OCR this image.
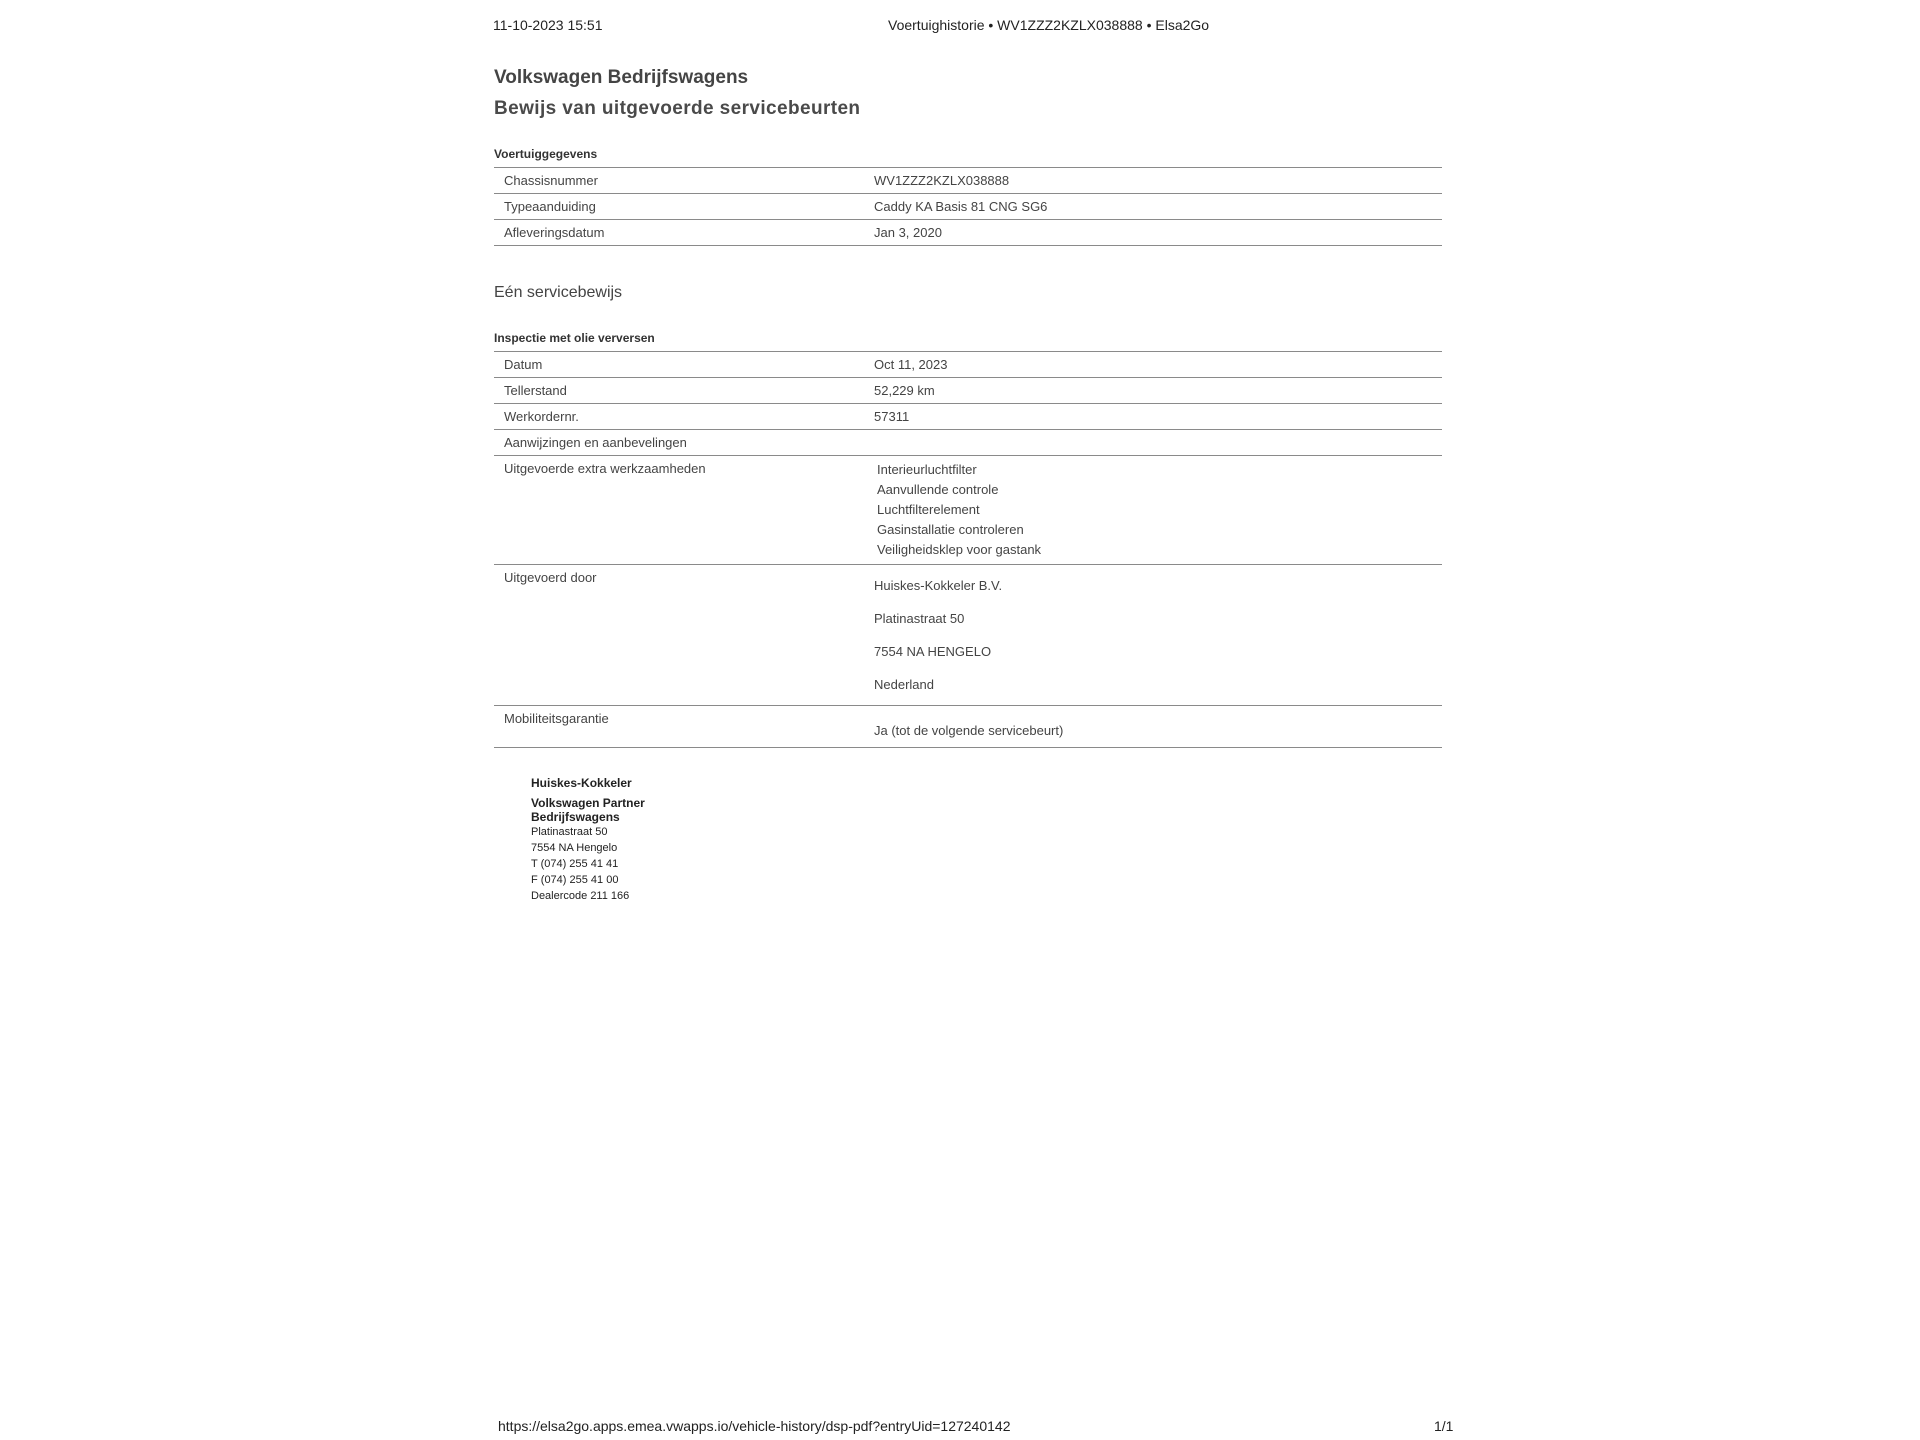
11-10-2023 15:51	Voertuighistorie • WV1ZZZ2KZLX038888 • Elsa2Go
Volkswagen Bedrijfswagens
Bewijs van uitgevoerde servicebeurten
Voertuiggegevens
Chassisnummer	WV1ZZZ2KZLX038888
Typeaanduiding	Caddy KA Basis 81 CNG SG6
Afleveringsdatum	Jan 3, 2020
Eén servicebewijs
Inspectie met olie verversen
Datum	Oct 11, 2023
Tellerstand	52,229 km
Werkordernr.	57311
Aanwijzingen en aanbevelingen	
Uitgevoerde extra werkzaamheden	Interieurluchtfilter
Aanvullende controle
Luchtfilterelement
Gasinstallatie controleren
Veiligheidsklep voor gastank

Uitgevoerd door	Huiskes-Kokkeler B.V.
Platinastraat 50
7554 NA HENGELO
Nederland

Mobiliteitsgarantie	Ja (tot de volgende servicebeurt)
Huiskes-Kokkeler
Volkswagen Partner
Bedrijfswagens
Platinastraat 50
7554 NA Hengelo
T (074) 255 41 41
F (074) 255 41 00
Dealercode 211 166
https://elsa2go.apps.emea.vwapps.io/vehicle-history/dsp-pdf?entryUid=127240142	1/1
